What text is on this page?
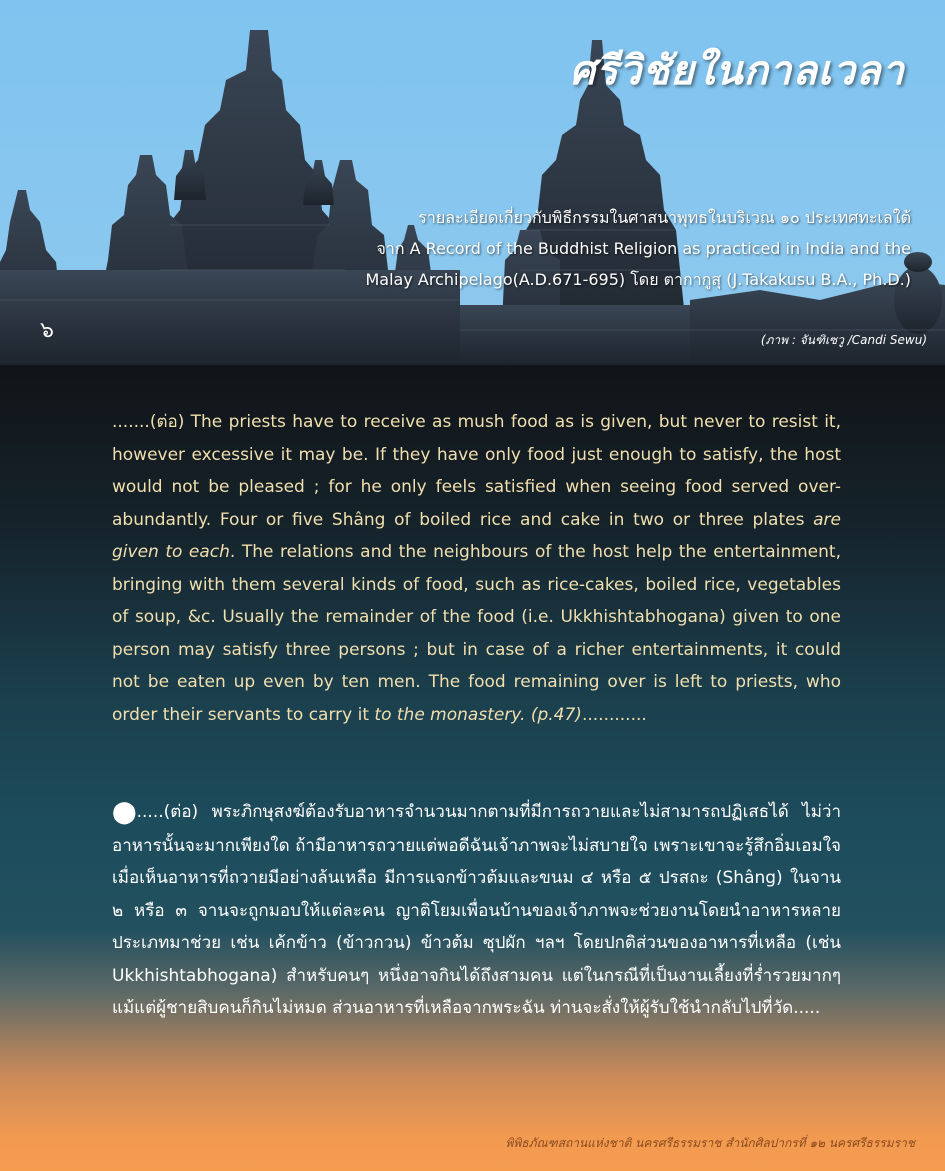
ศรีวิชัยในกาลเวลา
รายละเอียดเกี่ยวกับพิธีกรรมในศาสนาพุทธในบริเวณ ๑๐ ประเทศทะเลใต้
จาก A Record of the Buddhist Religion as practiced in India and the
Malay Archipelago(A.D.671-695) โดย ตากากูสุ (J.Takakusu B.A., Ph.D.)
๖	(ภาพ : จันฑิเซวู /Candi Sewu)
.......(ต่อ) The priests have to receive as mush food as is given, but never to resist it, however excessive it may be. If they have only food just enough to satisfy, the host would not be pleased ; for he only feels satisfied when seeing food served over-abundantly. Four or five Shâng of boiled rice and cake in two or three plates are given to each. The relations and the neighbours of the host help the entertainment, bringing with them several kinds of food, such as rice-cakes, boiled rice, vegetables of soup, &c. Usually the remainder of the food (i.e. Ukkhishtabhogana) given to one person may satisfy three persons ; but in case of a richer entertainments, it could not be eaten up even by ten men. The food remaining over is left to priests, who order their servants to carry it to the monastery. (p.47)............
⬤.....(ต่อ) พระภิกษุสงฆ์ต้องรับอาหารจำนวนมากตามที่มีการถวายและไม่สามารถปฏิเสธได้ ไม่ว่าอาหารนั้นจะมากเพียงใด ถ้ามีอาหารถวายแต่พอดีฉันเจ้าภาพจะไม่สบายใจ เพราะเขาจะรู้สึกอิ่มเอมใจเมื่อเห็นอาหารที่ถวายมีอย่างล้นเหลือ มีการแจกข้าวต้มและขนม ๔ หรือ ๕ ปรสถะ (Shâng) ในจาน ๒ หรือ ๓ จานจะถูกมอบให้แต่ละคน ญาติโยมเพื่อนบ้านของเจ้าภาพจะช่วยงานโดยนำอาหารหลายประเภทมาช่วย เช่น เค้กข้าว (ข้าวกวน) ข้าวต้ม ซุปผัก ฯลฯ โดยปกติส่วนของอาหารที่เหลือ (เช่น Ukkhishtabhogana) สำหรับคนๆ หนึ่งอาจกินได้ถึงสามคน แต่ในกรณีที่เป็นงานเลี้ยงที่ร่ำรวยมากๆ แม้แต่ผู้ชายสิบคนก็กินไม่หมด ส่วนอาหารที่เหลือจากพระฉัน ท่านจะสั่งให้ผู้รับใช้นำกลับไปที่วัด.....
พิพิธภัณฑสถานแห่งชาติ นครศรีธรรมราช สำนักศิลปากรที่ ๑๒ นครศรีธรรมราช
